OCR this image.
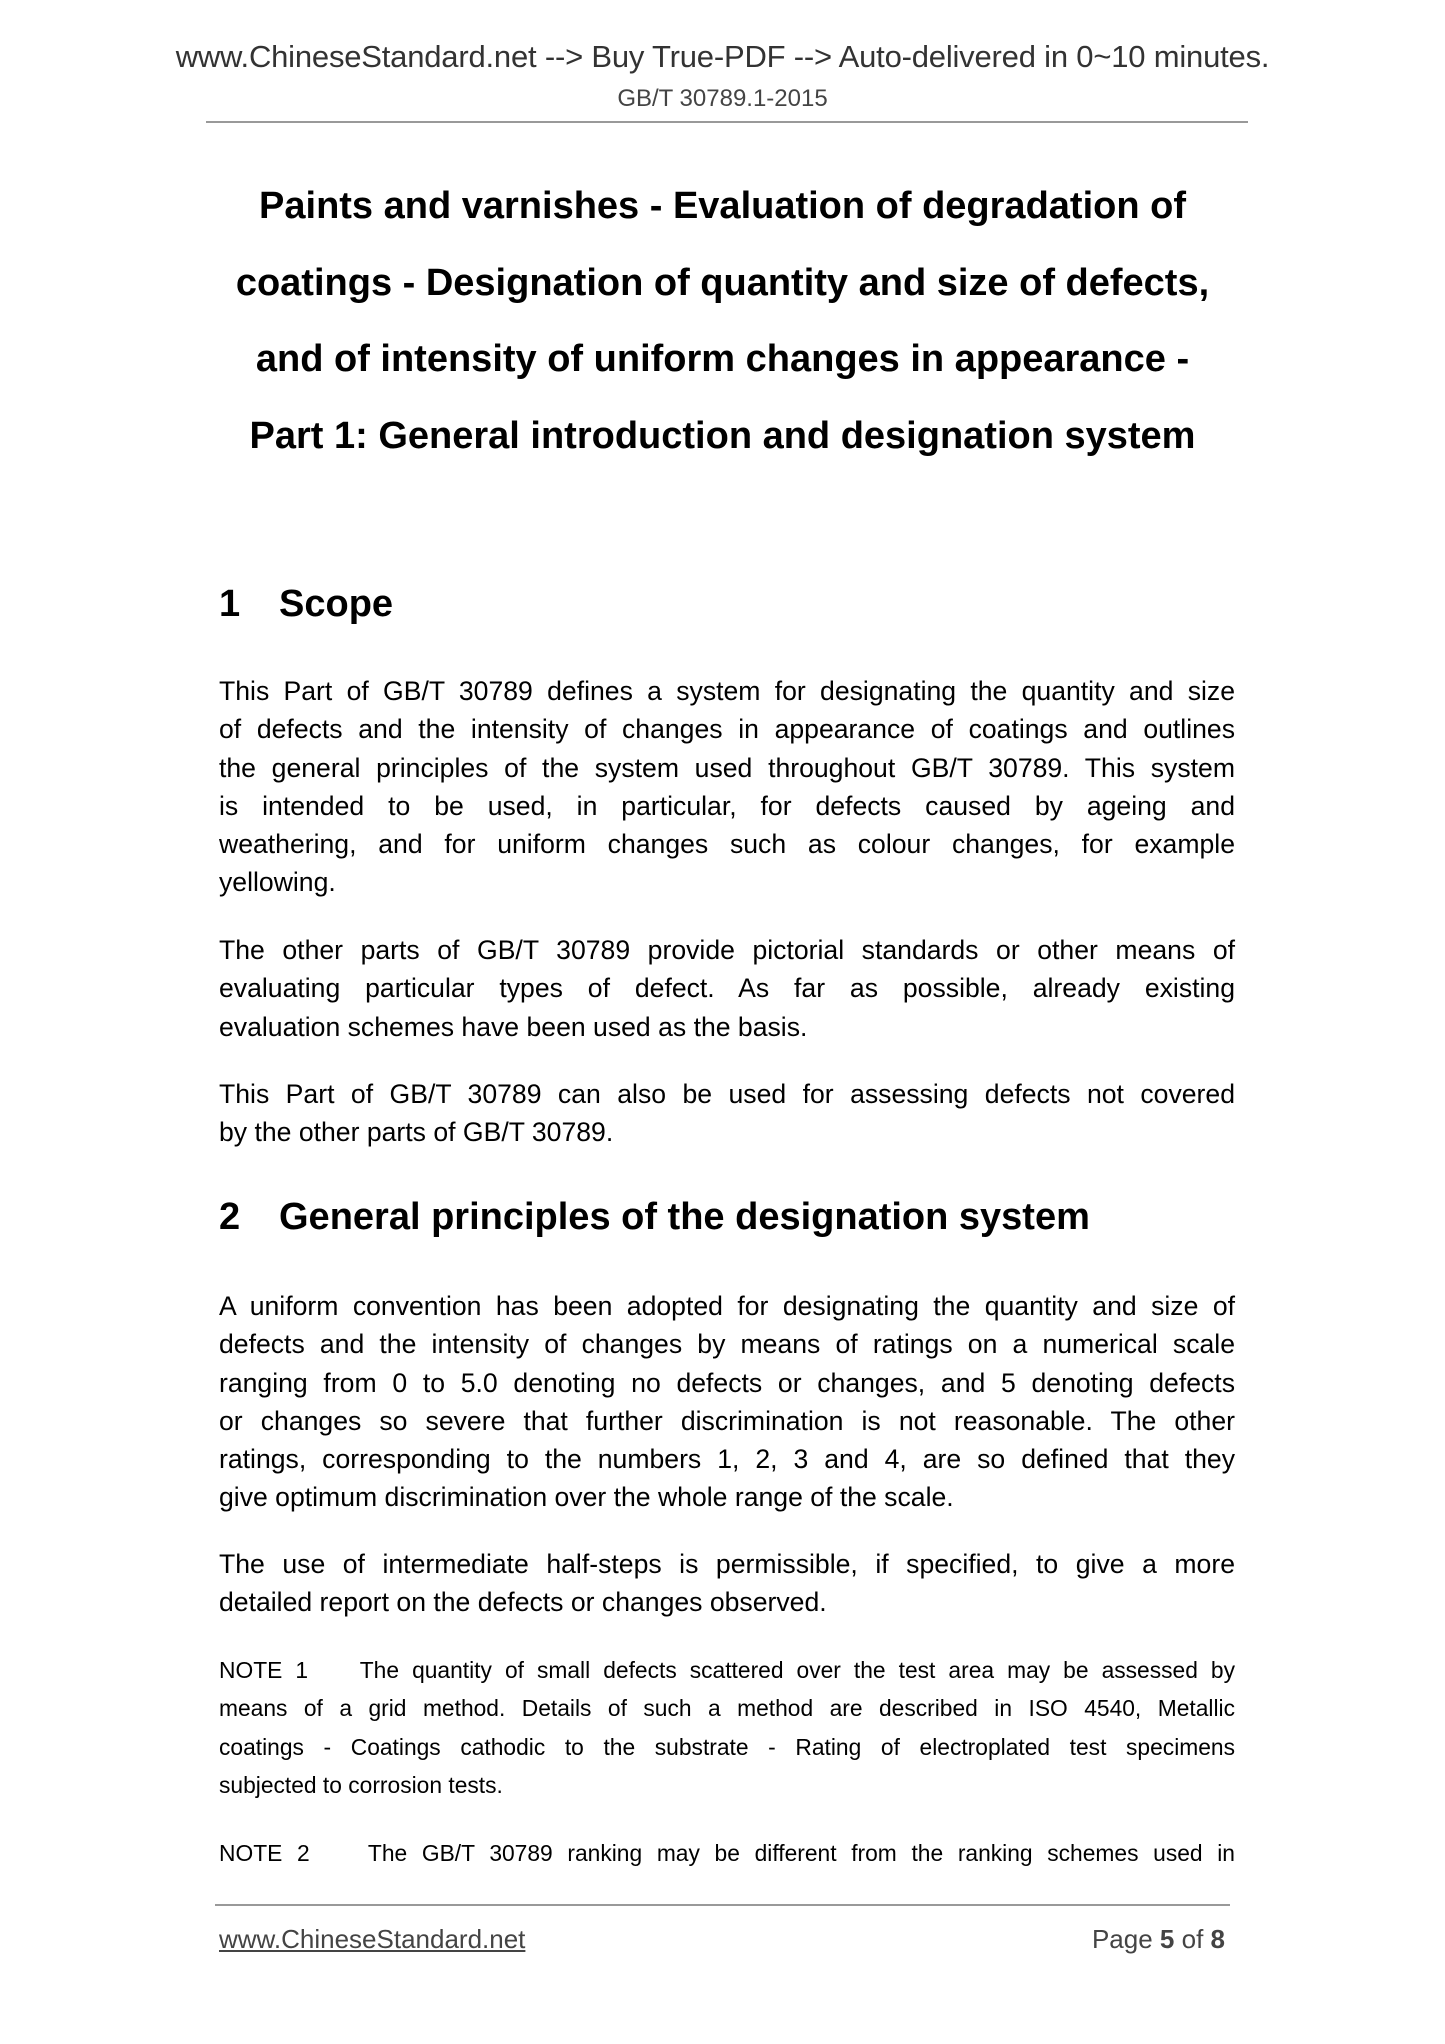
www.ChineseStandard.net --> Buy True-PDF --> Auto-delivered in 0~10 minutes.
GB/T 30789.1-2015
Paints and varnishes - Evaluation of degradation of
coatings - Designation of quantity and size of defects,
and of intensity of uniform changes in appearance -
Part 1: General introduction and designation system
1 Scope
This Part of GB/T 30789 defines a system for designating the quantity and size
of defects and the intensity of changes in appearance of coatings and outlines
the general principles of the system used throughout GB/T 30789. This system
is intended to be used, in particular, for defects caused by ageing and
weathering, and for uniform changes such as colour changes, for example
yellowing.
The other parts of GB/T 30789 provide pictorial standards or other means of
evaluating particular types of defect. As far as possible, already existing
evaluation schemes have been used as the basis.
This Part of GB/T 30789 can also be used for assessing defects not covered
by the other parts of GB/T 30789.
2 General principles of the designation system
A uniform convention has been adopted for designating the quantity and size of
defects and the intensity of changes by means of ratings on a numerical scale
ranging from 0 to 5.0 denoting no defects or changes, and 5 denoting defects
or changes so severe that further discrimination is not reasonable. The other
ratings, corresponding to the numbers 1, 2, 3 and 4, are so defined that they
give optimum discrimination over the whole range of the scale.
The use of intermediate half-steps is permissible, if specified, to give a more
detailed report on the defects or changes observed.
NOTE 1    The quantity of small defects scattered over the test area may be assessed by
means of a grid method. Details of such a method are described in ISO 4540, Metallic
coatings - Coatings cathodic to the substrate - Rating of electroplated test specimens
subjected to corrosion tests.
NOTE 2    The GB/T 30789 ranking may be different from the ranking schemes used in
www.ChineseStandard.net	Page 5 of 8
